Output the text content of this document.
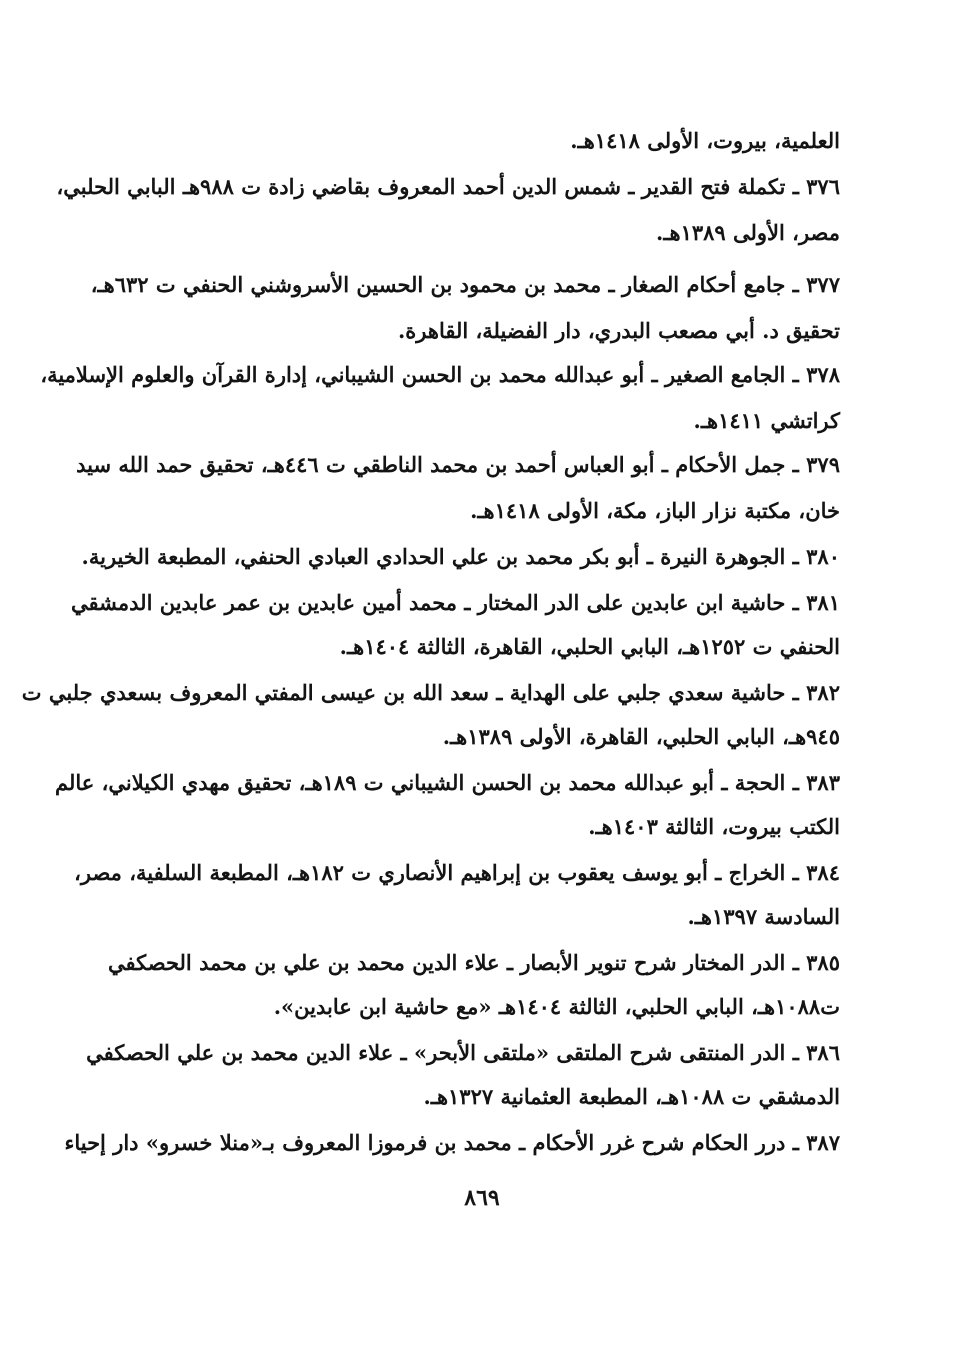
العلمية، بيروت، الأولى ١٤١٨هـ.
٣٧٦ ـ تكملة فتح القدير ـ شمس الدين أحمد المعروف بقاضي زادة ت ٩٨٨هـ البابي الحلبي،
مصر، الأولى ١٣٨٩هـ.
٣٧٧ ـ جامع أحكام الصغار ـ محمد بن محمود بن الحسين الأسروشني الحنفي ت ٦٣٢هـ،
تحقيق د. أبي مصعب البدري، دار الفضيلة، القاهرة.
٣٧٨ ـ الجامع الصغير ـ أبو عبدالله محمد بن الحسن الشيباني، إدارة القرآن والعلوم الإسلامية،
كراتشي ١٤١١هـ.
٣٧٩ ـ جمل الأحكام ـ أبو العباس أحمد بن محمد الناطقي ت ٤٤٦هـ، تحقيق حمد الله سيد
خان، مكتبة نزار الباز، مكة، الأولى ١٤١٨هـ.
٣٨٠ ـ الجوهرة النيرة ـ أبو بكر محمد بن علي الحدادي العبادي الحنفي، المطبعة الخيرية.
٣٨١ ـ حاشية ابن عابدين على الدر المختار ـ محمد أمين عابدين بن عمر عابدين الدمشقي
الحنفي ت ١٢٥٢هـ، البابي الحلبي، القاهرة، الثالثة ١٤٠٤هـ.
٣٨٢ ـ حاشية سعدي جلبي على الهداية ـ سعد الله بن عيسى المفتي المعروف بسعدي جلبي ت
٩٤٥هـ، البابي الحلبي، القاهرة، الأولى ١٣٨٩هـ.
٣٨٣ ـ الحجة ـ أبو عبدالله محمد بن الحسن الشيباني ت ١٨٩هـ، تحقيق مهدي الكيلاني، عالم
الكتب بيروت، الثالثة ١٤٠٣هـ.
٣٨٤ ـ الخراج ـ أبو يوسف يعقوب بن إبراهيم الأنصاري ت ١٨٢هـ، المطبعة السلفية، مصر،
السادسة ١٣٩٧هـ.
٣٨٥ ـ الدر المختار شرح تنوير الأبصار ـ علاء الدين محمد بن علي بن محمد الحصكفي
ت١٠٨٨هـ، البابي الحلبي، الثالثة ١٤٠٤هـ «مع حاشية ابن عابدين».
٣٨٦ ـ الدر المنتقى شرح الملتقى «ملتقى الأبحر» ـ علاء الدين محمد بن علي الحصكفي
الدمشقي ت ١٠٨٨هـ، المطبعة العثمانية ١٣٢٧هـ.
٣٨٧ ـ درر الحكام شرح غرر الأحكام ـ محمد بن فرموزا المعروف بـ«منلا خسرو» دار إحياء
٨٦٩
